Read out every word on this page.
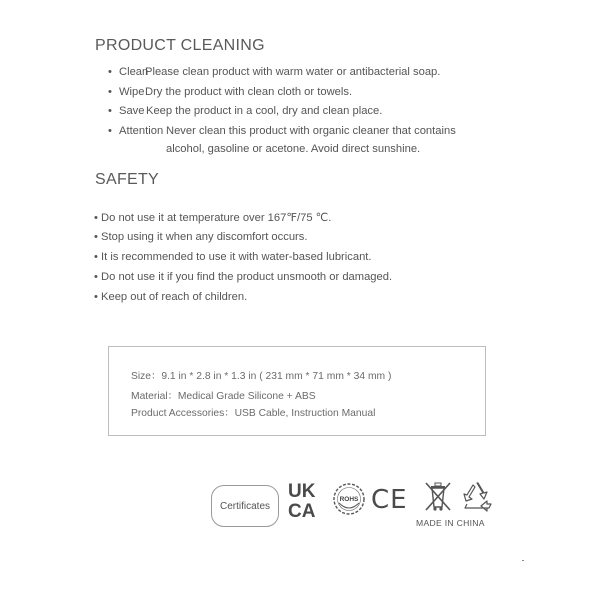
PRODUCT CLEANING
• Clean
Please clean product with warm water or antibacterial soap.
• Wipe Dry the product with clean cloth or towels.
• Save Keep the product in a cool, dry and clean place.
• Attention Never clean this product with organic cleaner that contains
alcohol, gasoline or acetone. Avoid direct sunshine.
SAFETY
• Do not use it at temperature over 167℉/75 ℃.
• Stop using it when any discomfort occurs.
• It is recommended to use it with water-based lubricant.
• Do not use it if you find the product unsmooth or damaged.
• Keep out of reach of children.
Size：9.1 in * 2.8 in * 1.3 in ( 231 mm * 71 mm * 34 mm )
Material：Medical Grade Silicone + ABS
Product Accessories：USB Cable, Instruction Manual
Certificates
UK
CA
ROHS CE
MADE IN CHINA
